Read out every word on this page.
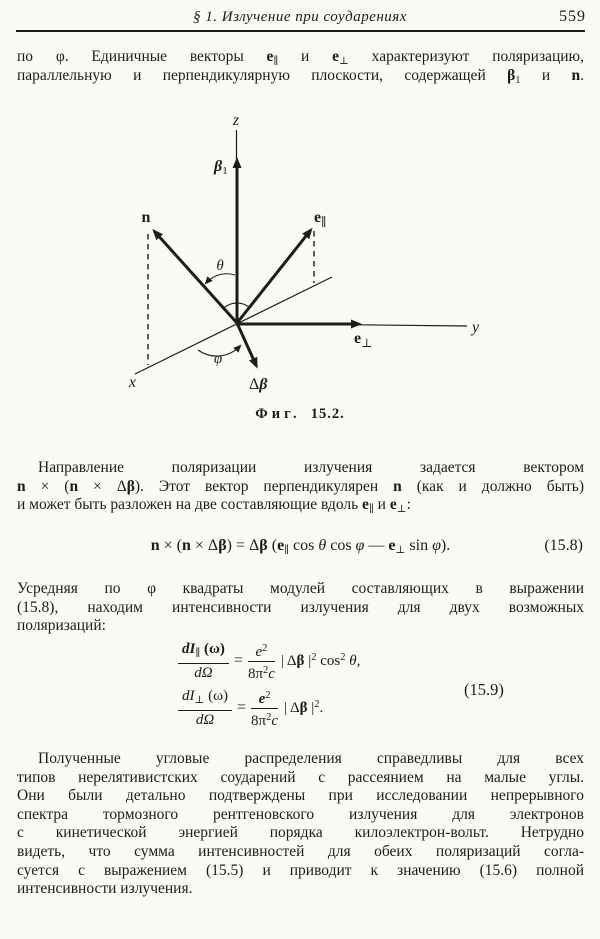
§ 1. Излучение при соударениях	559
по φ. Единичные векторы $e_\parallel$ и $e_\perp$ характеризуют поляризацию,
параллельную и перпендикулярную плоскости, содержащей $\beta_1$ и n.
z
y
x
β1
n	$e_\parallel$
$e_\perp$
Δβ
θ
φ
Фиг. 15.2.
Направление поляризации излучения задается вектором
n × (n × Δβ). Этот вектор перпендикулярен n (как и должно быть)
и может быть разложен на две составляющие вдоль $e_\parallel$ и $e_\perp$:
n × (n × Δβ) = Δβ ($e_\parallel$ cos θ cos φ — $e_\perp$ sin φ).	(15.8)
Усредняя по φ квадраты модулей составляющих в выражении
(15.8), находим интенсивности излучения для двух возможных
поляризаций:
$\frac{dI_\parallel (\omega)}{d\Omega} = \frac{e^2}{8\pi^2c}$ | Δβ $|^2$ $\cos^2 \theta$,
$\frac{dI_\perp (\omega)}{d\Omega} = \frac{e^2}{8\pi^2c}$ | Δβ $|^2$.
(15.9)
Полученные угловые распределения справедливы для всех
типов нерелятивистских соударений с рассеянием на малые углы.
Они были детально подтверждены при исследовании непрерывного
спектра тормозного рентгеновского излучения для электронов
с кинетической энергией порядка килоэлектрон-вольт. Нетрудно
видеть, что сумма интенсивностей для обеих поляризаций согла-
суется с выражением (15.5) и приводит к значению (15.6) полной
интенсивности излучения.
